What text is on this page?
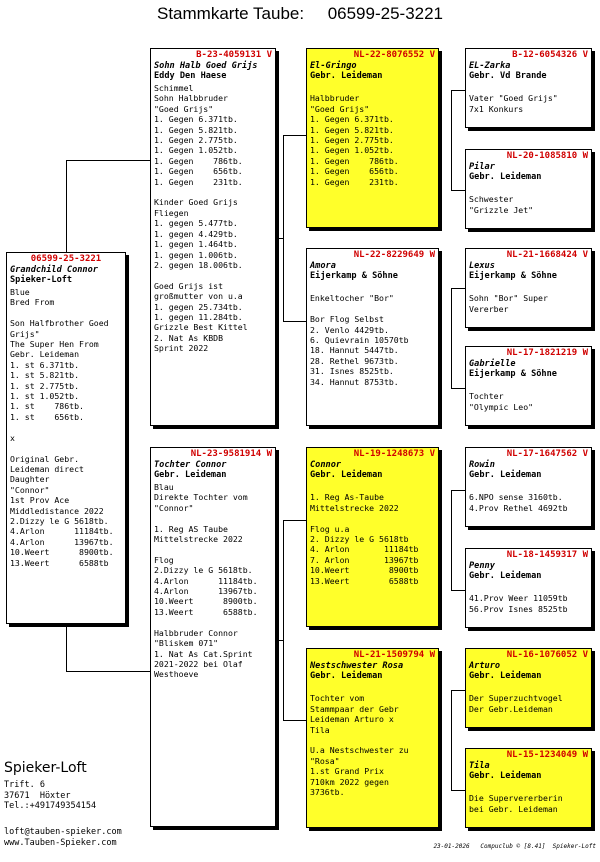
Stammkarte Taube:     06599-25-3221
06599-25-3221
Grandchild Connor
Spieker-Loft
Blue
Bred From

Son Halfbrother Goed
Grijs"
The Super Hen From
Gebr. Leideman
1. st 6.371tb.
1. st 5.821tb.
1. st 2.775tb.
1. st 1.052tb.
1. st    786tb.
1. st    656tb.

x

Original Gebr.
Leideman direct
Daughter
"Connor"
1st Prov Ace
Middledistance 2022
2.Dizzy le G 5618tb.
4.Arlon      11184tb.
4.Arlon      13967tb.
10.Weert      8900tb.
13.Weert      6588tb
B-23-4059131 V
Sohn Halb Goed Grijs
Eddy Den Haese
Schimmel
Sohn Halbbruder
"Goed Grijs"
1. Gegen 6.371tb.
1. Gegen 5.821tb.
1. Gegen 2.775tb.
1. Gegen 1.052tb.
1. Gegen    786tb.
1. Gegen    656tb.
1. Gegen    231tb.

Kinder Goed Grijs
Fliegen
1. gegen 5.477tb.
1. gegen 4.429tb.
1. gegen 1.464tb.
1. gegen 1.006tb.
2. gegen 18.006tb.

Goed Grijs ist
großmutter von u.a
1. gegen 25.734tb.
1. gegen 11.284tb.
Grizzle Best Kittel
2. Nat As KBDB
Sprint 2022
NL-23-9581914 W
Tochter Connor
Gebr. Leideman
Blau
Direkte Tochter vom
"Connor"

1. Reg AS Taube
Mittelstrecke 2022

Flog
2.Dizzy le G 5618tb.
4.Arlon      11184tb.
4.Arlon      13967tb.
10.Weert      8900tb.
13.Weert      6588tb.

Halbbruder Connor
"Bliskem 071"
1. Nat As Cat.Sprint
2021-2022 bei Olaf
Westhoeve
NL-22-8076552 V
El-Gringo
Gebr. Leideman

Halbbruder
"Goed Grijs"
1. Gegen 6.371tb.
1. Gegen 5.821tb.
1. Gegen 2.775tb.
1. Gegen 1.052tb.
1. Gegen    786tb.
1. Gegen    656tb.
1. Gegen    231tb.
NL-22-8229649 W
Amora
Eijerkamp & Söhne

Enkeltocher "Bor"

Bor Flog Selbst
2. Venlo 4429tb.
6. Quievrain 10570tb
18. Hannut 5447tb.
28. Rethel 9673tb.
31. Isnes 8525tb.
34. Hannut 8753tb.
NL-19-1248673 V
Connor
Gebr. Leideman

1. Reg As-Taube
Mittelstrecke 2022

Flog u.a
2. Dizzy le G 5618tb
4. Arlon       11184tb
7. Arlon       13967tb
10.Weert        8900tb
13.Weert        6588tb
NL-21-1509794 W
Nestschwester Rosa
Gebr. Leideman

Tochter vom
Stammpaar der Gebr
Leideman Arturo x
Tila

U.a Nestschwester zu
"Rosa"
1.st Grand Prix
710km 2022 gegen
3736tb.
B-12-6054326 V
EL-Zarka
Gebr. Vd Brande

Vater "Goed Grijs"
7x1 Konkurs
NL-20-1085810 W
Pilar
Gebr. Leideman

Schwester
"Grizzle Jet"
NL-21-1668424 V
Lexus
Eijerkamp & Söhne

Sohn "Bor" Super
Vererber
NL-17-1821219 W
Gabrielle
Eijerkamp & Söhne

Tochter
"Olympic Leo"
NL-17-1647562 V
Rowin
Gebr. Leideman

6.NPO sense 3160tb.
4.Prov Rethel 4692tb
NL-18-1459317 W
Penny
Gebr. Leideman

41.Prov Weer 11059tb
56.Prov Isnes 8525tb
NL-16-1076052 V
Arturo
Gebr. Leideman

Der Superzuchtvogel
Der Gebr.Leideman
NL-15-1234049 W
Tila
Gebr. Leideman

Die Supervererberin
bei Gebr. Leideman
Spieker-Loft
Trift. 6
37671  Höxter
Tel.:+491749354154
loft@tauben-spieker.com
www.Tauben-Spieker.com	23-01-2026   Compuclub © [8.41]  Spieker-Loft
